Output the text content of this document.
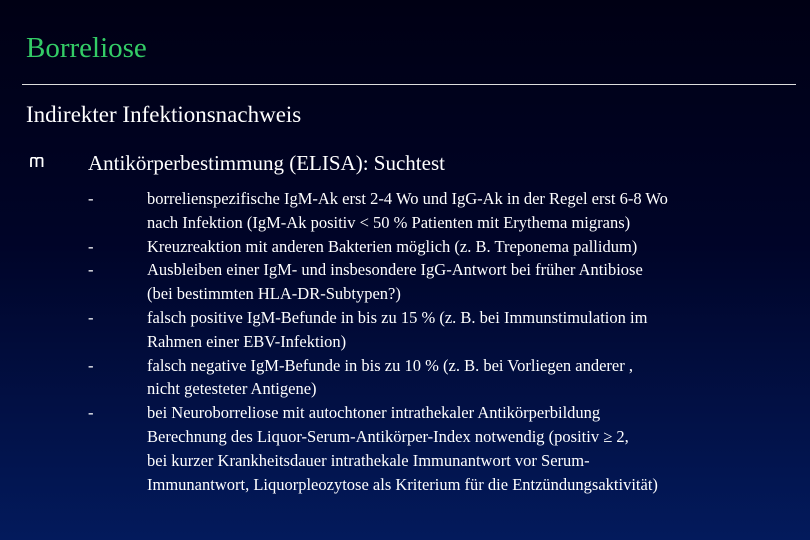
Borreliose
Indirekter Infektionsnachweis
Antikörperbestimmung (ELISA): Suchtest
-

-
-

-

-

-

borrelienspezifische IgM-Ak erst 2-4 Wo und IgG-Ak in der Regel erst 6-8 Wo
nach Infektion (IgM-Ak positiv < 50 % Patienten mit Erythema migrans)
Kreuzreaktion mit anderen Bakterien möglich (z. B. Treponema pallidum)
Ausbleiben einer IgM- und insbesondere IgG-Antwort bei früher Antibiose
(bei bestimmten HLA-DR-Subtypen?)
falsch positive IgM-Befunde in bis zu 15 % (z. B. bei Immunstimulation im
Rahmen einer EBV-Infektion)
falsch negative IgM-Befunde in bis zu 10 % (z. B. bei Vorliegen anderer ,
nicht getesteter Antigene)
bei Neuroborreliose mit autochtoner intrathekaler Antikörperbildung
Berechnung des Liquor-Serum-Antikörper-Index notwendig (positiv ≥ 2,
bei kurzer Krankheitsdauer intrathekale Immunantwort vor Serum-
Immunantwort, Liquorpleozytose als Kriterium für die Entzündungsaktivität)
